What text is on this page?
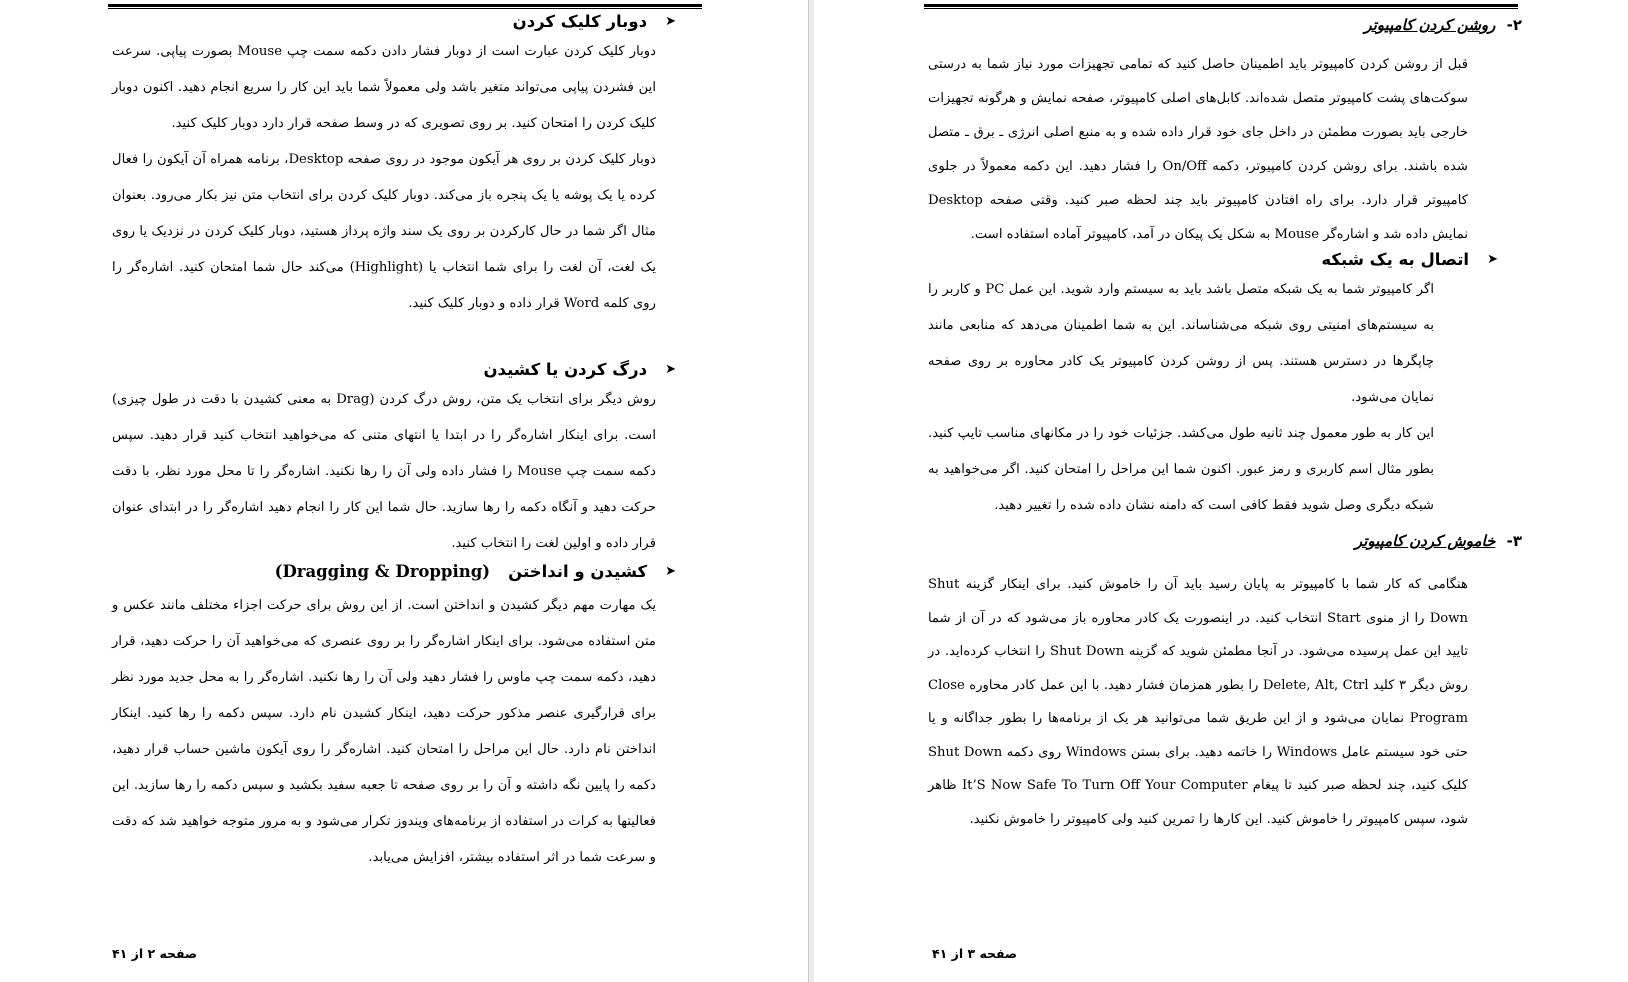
➤
دوبار کلیک کردن

دوبار کلیک کردن عبارت است از دوبار فشار دادن دکمه سمت چپ Mouse بصورت پیاپی. سرعت این فشردن پیاپی می‌تواند متغیر باشد ولی معمولاً شما باید این کار را سریع انجام دهید. اکنون دوبار کلیک کردن را امتحان کنید. بر روی تصویری که در وسط صفحه قرار دارد دوبار کلیک کنید.

دوبار کلیک کردن بر روی هر آیکون موجود در روی صفحه Desktop، برنامه همراه آن آیکون را فعال کرده یا یک پوشه یا یک پنجره باز می‌کند. دوبار کلیک کردن برای انتخاب متن نیز بکار می‌رود. بعنوان مثال اگر شما در حال کارکردن بر روی یک سند واژه پرداز هستید، دوبار کلیک کردن در نزدیک یا روی یک لغت، آن لغت را برای شما انتخاب یا (Highlight) می‌کند حال شما امتحان کنید. اشاره‌گر را روی کلمه Word قرار داده و دوبار کلیک کنید.

➤
درگ کردن یا کشیدن

روش دیگر برای انتخاب یک متن، روش درگ کردن (Drag به معنی کشیدن با دقت در طول چیزی) است. برای اینکار اشاره‌گر را در ابتدا یا انتهای متنی که می‌خواهید انتخاب کنید قرار دهید. سپس دکمه سمت چپ Mouse را فشار داده ولی آن را رها نکنید. اشاره‌گر را تا محل مورد نظر، با دقت حرکت دهید و آنگاه دکمه را رها سازید. حال شما این کار را انجام دهید اشاره‌گر را در ابتدای عنوان قرار داده و اولین لغت را انتخاب کنید.

➤
کشیدن و انداختن
(Dragging & Dropping)

یک مهارت مهم دیگر کشیدن و انداختن است. از این روش برای حرکت اجزاء مختلف مانند عکس و متن استفاده می‌شود. برای اینکار اشاره‌گر را بر روی عنصری که می‌خواهید آن را حرکت دهید، قرار دهید، دکمه سمت چپ ماوس را فشار دهید ولی آن را رها نکنید. اشاره‌گر را به محل جدید مورد نظر برای قرارگیری عنصر مذکور حرکت دهید، اینکار کشیدن نام دارد. سپس دکمه را رها کنید. اینکار انداختن نام دارد. حال این مراحل را امتحان کنید. اشاره‌گر را روی آیکون ماشین حساب قرار دهید، دکمه را پایین نگه داشته و آن را بر روی صفحه تا جعبه سفید بکشید و سپس دکمه را رها سازید. این فعالیتها به کرات در استفاده از برنامه‌های ویندوز تکرار می‌شود و به مرور متوجه خواهید شد که دقت و سرعت شما در اثر استفاده بیشتر، افزایش می‌یابد.

صفحه ۲ از ۴۱
۲- روشن کردن کامپیوتر

قبل از روشن کردن کامپیوتر باید اطمینان حاصل کنید که تمامی تجهیزات مورد نیاز شما به درستی سوکت‌های پشت کامپیوتر متصل شده‌اند. کابل‌های اصلی کامپیوتر، صفحه نمایش و هرگونه تجهیزات خارجی باید بصورت مطمئن در داخل جای خود قرار داده شده و به منبع اصلی انرژی ـ برق ـ متصل شده باشند. برای روشن کردن کامپیوتر، دکمه On/Off را فشار دهید. این دکمه معمولاً در جلوی کامپیوتر قرار دارد. برای راه افتادن کامپیوتر باید چند لحظه صبر کنید. وقتی صفحه Desktop نمایش داده شد و اشاره‌گر Mouse به شکل یک پیکان در آمد، کامپیوتر آماده استفاده است.

➤
اتصال به یک شبکه

اگر کامپیوتر شما به یک شبکه متصل باشد باید به سیستم وارد شوید. این عمل PC و کاربر را به سیستم‌های امنیتی روی شبکه می‌شناساند. این به شما اطمینان می‌دهد که منابعی مانند چاپگرها در دسترس هستند. پس از روشن کردن کامپیوتر یک کادر محاوره بر روی صفحه نمایان می‌شود.

این کار به طور معمول چند ثانیه طول می‌کشد. جزئیات خود را در مکانهای مناسب تایپ کنید. بطور مثال اسم کاربری و رمز عبور. اکنون شما این مراحل را امتحان کنید. اگر می‌خواهید به شبکه دیگری وصل شوید فقط کافی است که دامنه نشان داده شده را تغییر دهید.

۳- خاموش کردن کامپیوتر

هنگامی که کار شما با کامپیوتر به پایان رسید باید آن را خاموش کنید. برای اینکار گزینه Shut Down را از منوی Start انتخاب کنید. در اینصورت یک کادر محاوره باز می‌شود که در آن از شما تایید این عمل پرسیده می‌شود. در آنجا مطمئن شوید که گزینه Shut Down را انتخاب کرده‌اید. در روش دیگر ۳ کلید Delete, Alt, Ctrl را بطور همزمان فشار دهید. با این عمل کادر محاوره Close Program نمایان می‌شود و از این طریق شما می‌توانید هر یک از برنامه‌ها را بطور جداگانه و یا حتی خود سیستم عامل Windows را خاتمه دهید. برای بستن Windows روی دکمه Shut Down کلیک کنید، چند لحظه صبر کنید تا پیغام It’S Now Safe To Turn Off Your Computer ظاهر شود، سپس کامپیوتر را خاموش کنید. این کارها را تمرین کنید ولی کامپیوتر را خاموش نکنید.

صفحه ۳ از ۴۱
